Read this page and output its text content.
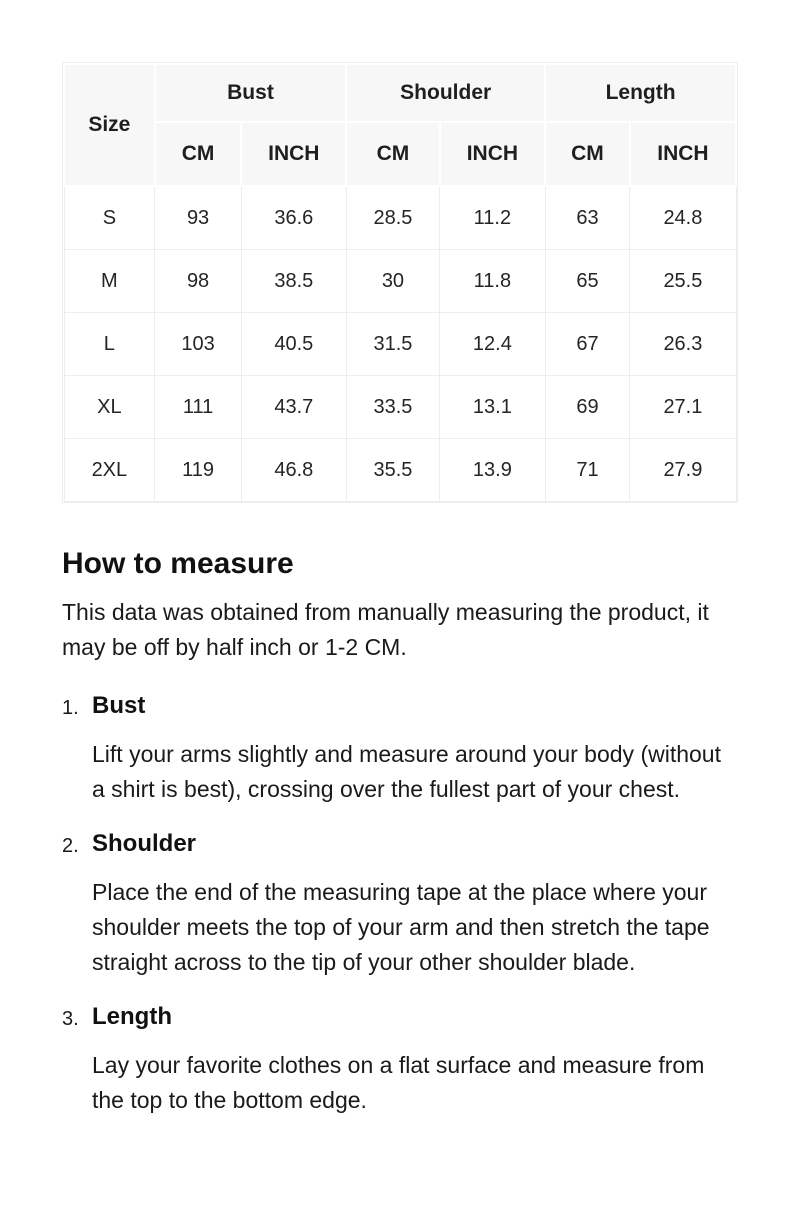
Size	Bust		Shoulder		Length	
	CM	INCH	CM	INCH	CM	INCH
S	93	36.6	28.5	11.2	63	24.8
M	98	38.5	30	11.8	65	25.5
L	103	40.5	31.5	12.4	67	26.3
XL	111	43.7	33.5	13.1	69	27.1
2XL	119	46.8	35.5	13.9	71	27.9
How to measure

This data was obtained from manually measuring the product, it may be off by half inch or 1-2 CM.

1. Bust

Lift your arms slightly and measure around your body (without a shirt is best), crossing over the fullest part of your chest.

2. Shoulder

Place the end of the measuring tape at the place where your shoulder meets the top of your arm and then stretch the tape straight across to the tip of your other shoulder blade.

3. Length

Lay your favorite clothes on a flat surface and measure from the top to the bottom edge.
